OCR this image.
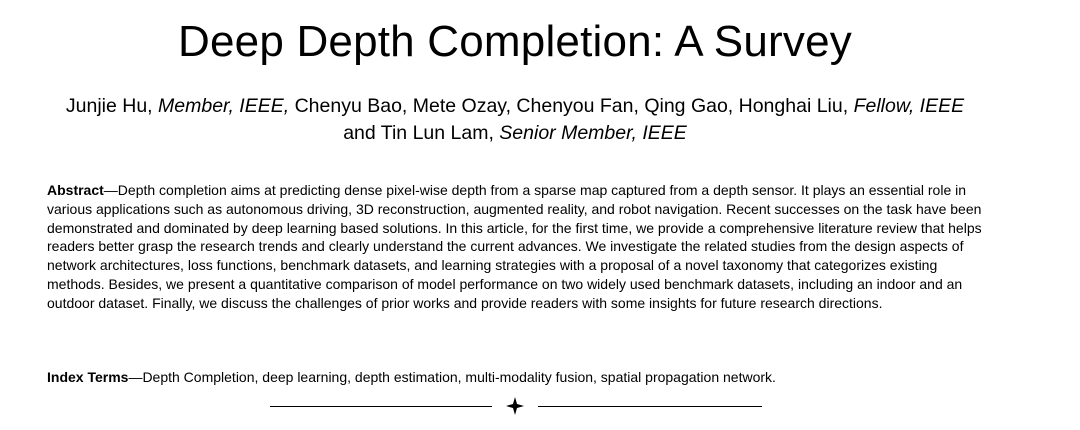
Deep Depth Completion: A Survey
Junjie Hu, Member, IEEE, Chenyu Bao, Mete Ozay, Chenyou Fan, Qing Gao, Honghai Liu, Fellow, IEEE
and Tin Lun Lam, Senior Member, IEEE
Abstract—Depth completion aims at predicting dense pixel-wise depth from a sparse map captured from a depth sensor. It plays an essential role in various applications such as autonomous driving, 3D reconstruction, augmented reality, and robot navigation. Recent successes on the task have been demonstrated and dominated by deep learning based solutions. In this article, for the first time, we provide a comprehensive literature review that helps readers better grasp the research trends and clearly understand the current advances. We investigate the related studies from the design aspects of network architectures, loss functions, benchmark datasets, and learning strategies with a proposal of a novel taxonomy that categorizes existing methods. Besides, we present a quantitative comparison of model performance on two widely used benchmark datasets, including an indoor and an outdoor dataset. Finally, we discuss the challenges of prior works and provide readers with some insights for future research directions.
Index Terms—Depth Completion, deep learning, depth estimation, multi-modality fusion, spatial propagation network.
